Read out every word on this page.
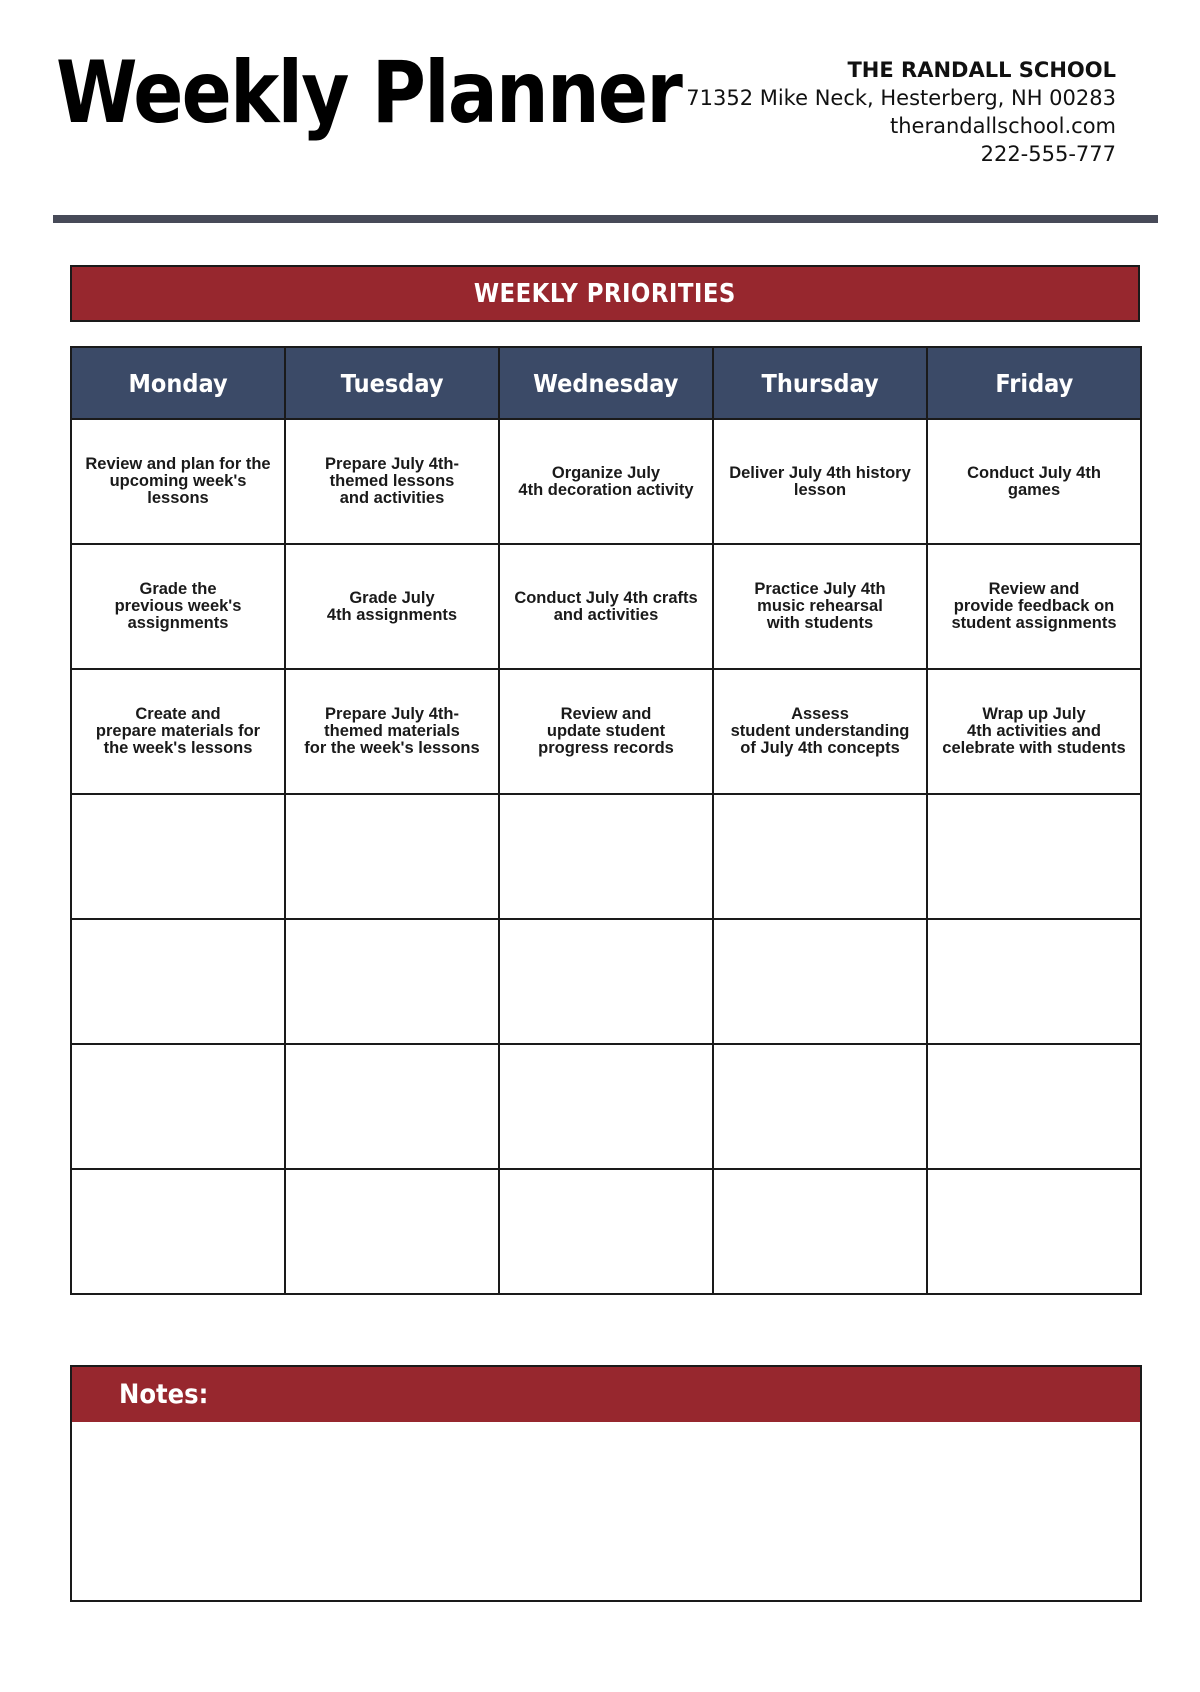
Weekly Planner	THE RANDALL SCHOOL
71352 Mike Neck, Hesterberg, NH 00283
therandallschool.com
222-555-777
WEEKLY PRIORITIES
Monday	Tuesday	Wednesday	Thursday	Friday
Review and plan for the
upcoming week's
lessons	Prepare July 4th-
themed lessons
and activities	Organize July
4th decoration activity	Deliver July 4th history
lesson	Conduct July 4th
games
Grade the
previous week's
assignments	Grade July
4th assignments	Conduct July 4th crafts
and activities	Practice July 4th
music rehearsal
with students	Review and
provide feedback on
student assignments
Create and
prepare materials for
the week's lessons	Prepare July 4th-
themed materials
for the week's lessons	Review and
update student
progress records	Assess
student understanding
of July 4th concepts	Wrap up July
4th activities and
celebrate with students

Notes:
